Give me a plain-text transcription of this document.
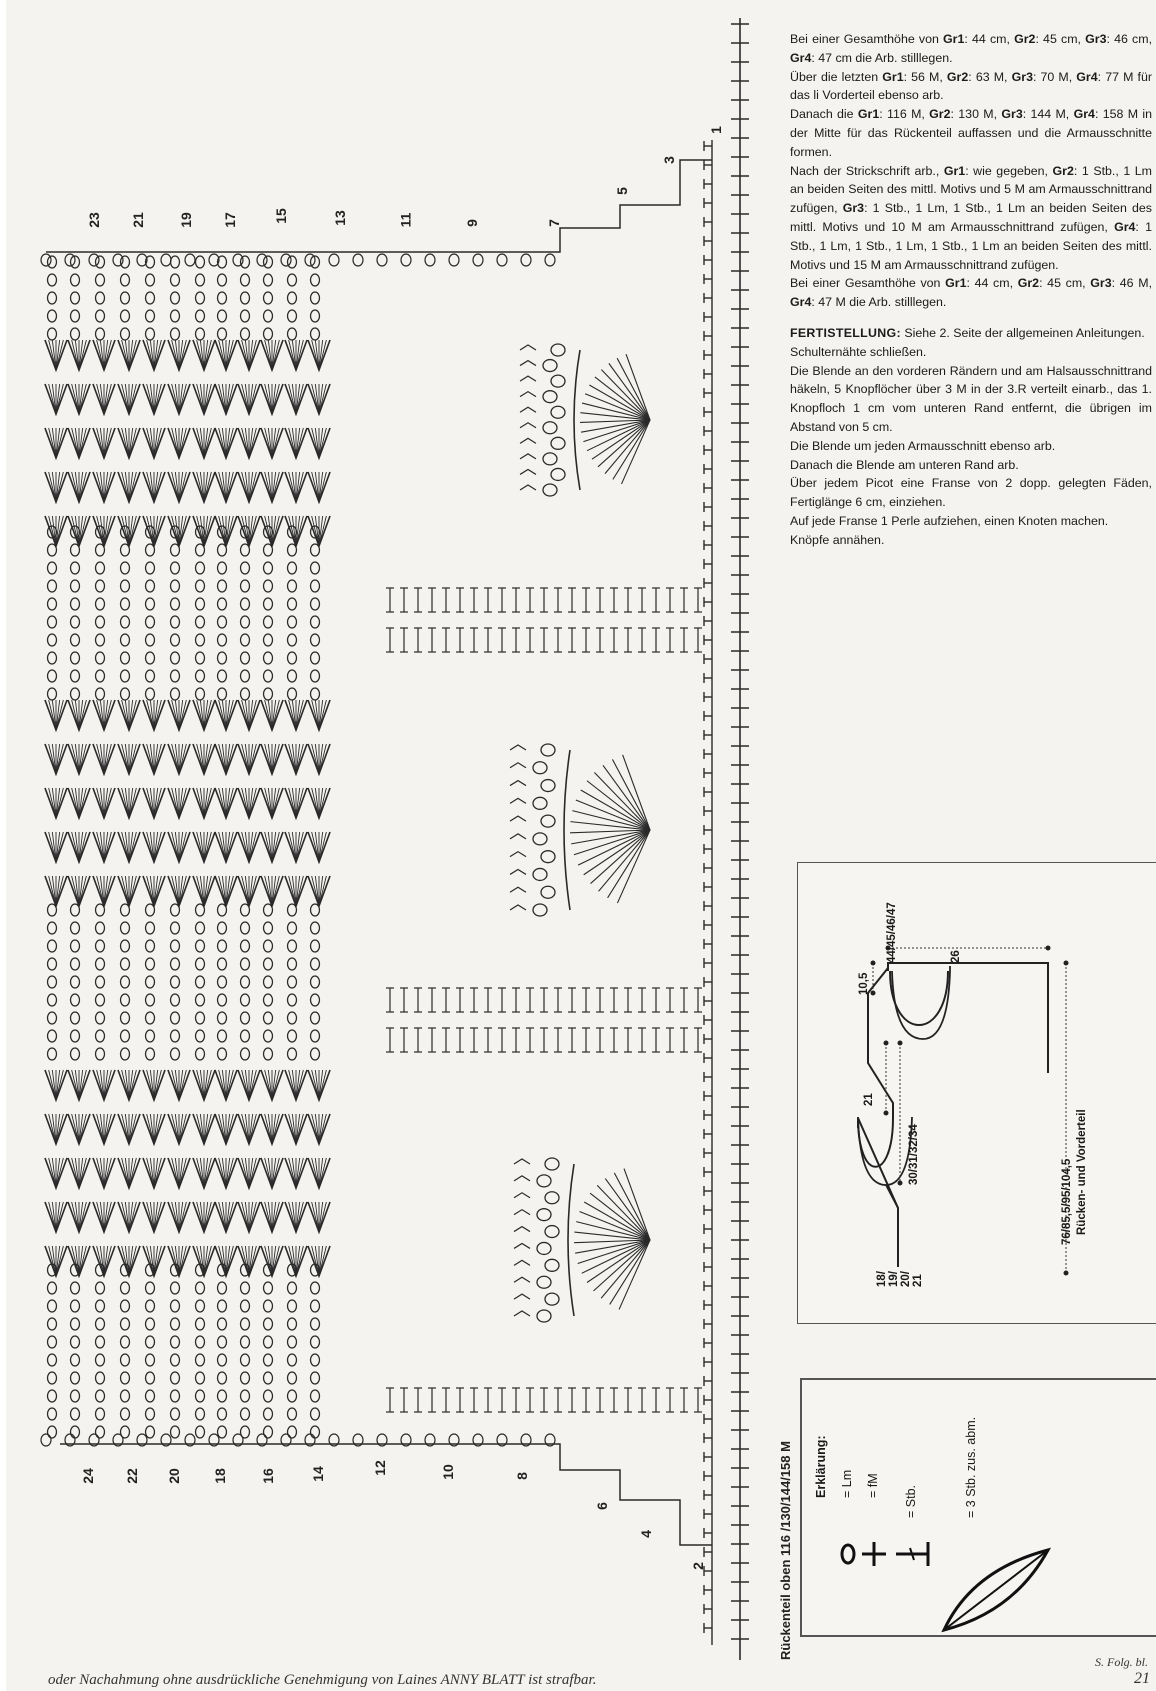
23 21 19 17	15	13	11	9	7
5
3
1
24 22 20 18 16 14	12	10	8
6
4
2	Rückenteil oben 116 /130/144/158 M

Bei einer Gesamthöhe von Gr1: 44 cm, Gr2: 45 cm, Gr3: 46 cm, Gr4: 47 cm die Arb. stilllegen.

Über die letzten Gr1: 56 M, Gr2: 63 M, Gr3: 70 M, Gr4: 77 M für das li Vorderteil ebenso arb.

Danach die Gr1: 116 M, Gr2: 130 M, Gr3: 144 M, Gr4: 158 M in der Mitte für das Rückenteil auffassen und die Armausschnitte formen.

Nach der Strickschrift arb., Gr1: wie gegeben, Gr2: 1 Stb., 1 Lm an beiden Seiten des mittl. Motivs und 5 M am Armausschnittrand zufügen, Gr3: 1 Stb., 1 Lm, 1 Stb., 1 Lm an beiden Seiten des mittl. Motivs und 10 M am Armausschnittrand zufügen, Gr4: 1 Stb., 1 Lm, 1 Stb., 1 Lm, 1 Stb., 1 Lm an beiden Seiten des mittl. Motivs und 15 M am Armausschnittrand zufügen.

Bei einer Gesamthöhe von Gr1: 44 cm, Gr2: 45 cm, Gr3: 46 M, Gr4: 47 M die Arb. stilllegen.

FERTISTELLUNG: Siehe 2. Seite der allgemeinen Anleitungen.

Schulternähte schließen.

Die Blende an den vorderen Rändern und am Halsausschnittrand häkeln, 5 Knopflöcher über 3 M in der 3.R verteilt einarb., das 1. Knopfloch 1 cm vom unteren Rand entfernt, die übrigen im Abstand von 5 cm.

Die Blende um jeden Armausschnitt ebenso arb.

Danach die Blende am unteren Rand arb.

Über jedem Picot eine Franse von 2 dopp. gelegten Fäden, Fertiglänge 6 cm, einziehen.

Auf jede Franse 1 Perle aufziehen, einen Knoten machen.

Knöpfe annähen.

44/45/46/47	26
10,5
21
30/31/32/34
76/85,5/95/104,5 Rücken- und Vorderteil
18/ 19/ 20/ 21
Erklärung: = Lm = fM = Stb.	= 3 Stb. zus. abm.
oder Nachahmung ohne ausdrückliche Genehmigung von Laines ANNY BLATT ist strafbar.
S. Folg. bl.
21
